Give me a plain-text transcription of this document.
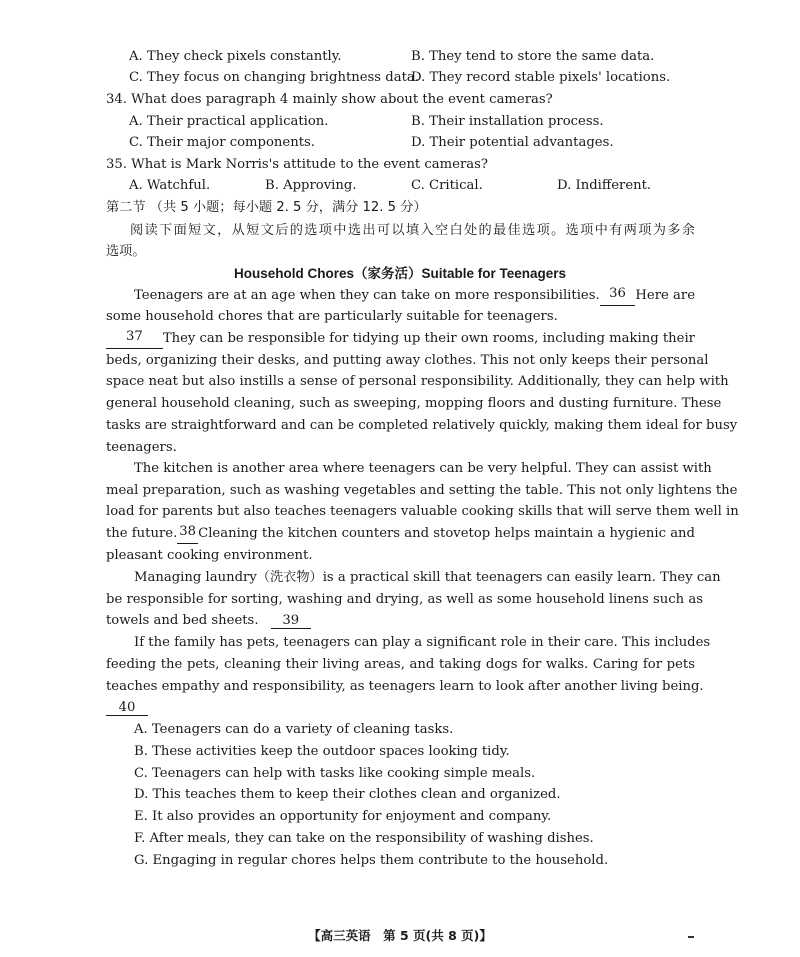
A. They check pixels constantly.	B. They tend to store the same data.
C. They focus on changing brightness data.
D. They record stable pixels' locations.
34. What does paragraph 4 mainly show about the event cameras?
A. Their practical application.	B. Their installation process.
C. Their major components.	D. Their potential advantages.
35. What is Mark Norris's attitude to the event cameras?
A. Watchful.	B. Approving.	C. Critical.	D. Indifferent.
第二节 （共 5 小题；每小题 2. 5 分，满分 12. 5 分）
阅读下面短文，从短文后的选项中选出可以填入空白处的最佳选项。选项中有两项为多余
选项。
Household Chores（家务活）Suitable for Teenagers
Teenagers are at an age when they can take on more responsibilities. 36 Here are
some household chores that are particularly suitable for teenagers.
37	They can be responsible for tidying up their own rooms, including making their
beds, organizing their desks, and putting away clothes. This not only keeps their personal
space neat but also instills a sense of personal responsibility. Additionally, they can help with
general household cleaning, such as sweeping, mopping floors and dusting furniture. These
tasks are straightforward and can be completed relatively quickly, making them ideal for busy
teenagers.
The kitchen is another area where teenagers can be very helpful. They can assist with
meal preparation, such as washing vegetables and setting the table. This not only lightens the
load for parents but also teaches teenagers valuable cooking skills that will serve them well in
the future. 38 Cleaning the kitchen counters and stovetop helps maintain a hygienic and
pleasant cooking environment.
Managing laundry（洗衣物）is a practical skill that teenagers can easily learn. They can
be responsible for sorting, washing and drying, as well as some household linens such as
towels and bed sheets. 39
If the family has pets, teenagers can play a significant role in their care. This includes
feeding the pets, cleaning their living areas, and taking dogs for walks. Caring for pets
teaches empathy and responsibility, as teenagers learn to look after another living being.
40
A. Teenagers can do a variety of cleaning tasks.
B. These activities keep the outdoor spaces looking tidy.
C. Teenagers can help with tasks like cooking simple meals.
D. This teaches them to keep their clothes clean and organized.
E. It also provides an opportunity for enjoyment and company.
F. After meals, they can take on the responsibility of washing dishes.
G. Engaging in regular chores helps them contribute to the household.
【高三英语　第 5 页(共 8 页)】
